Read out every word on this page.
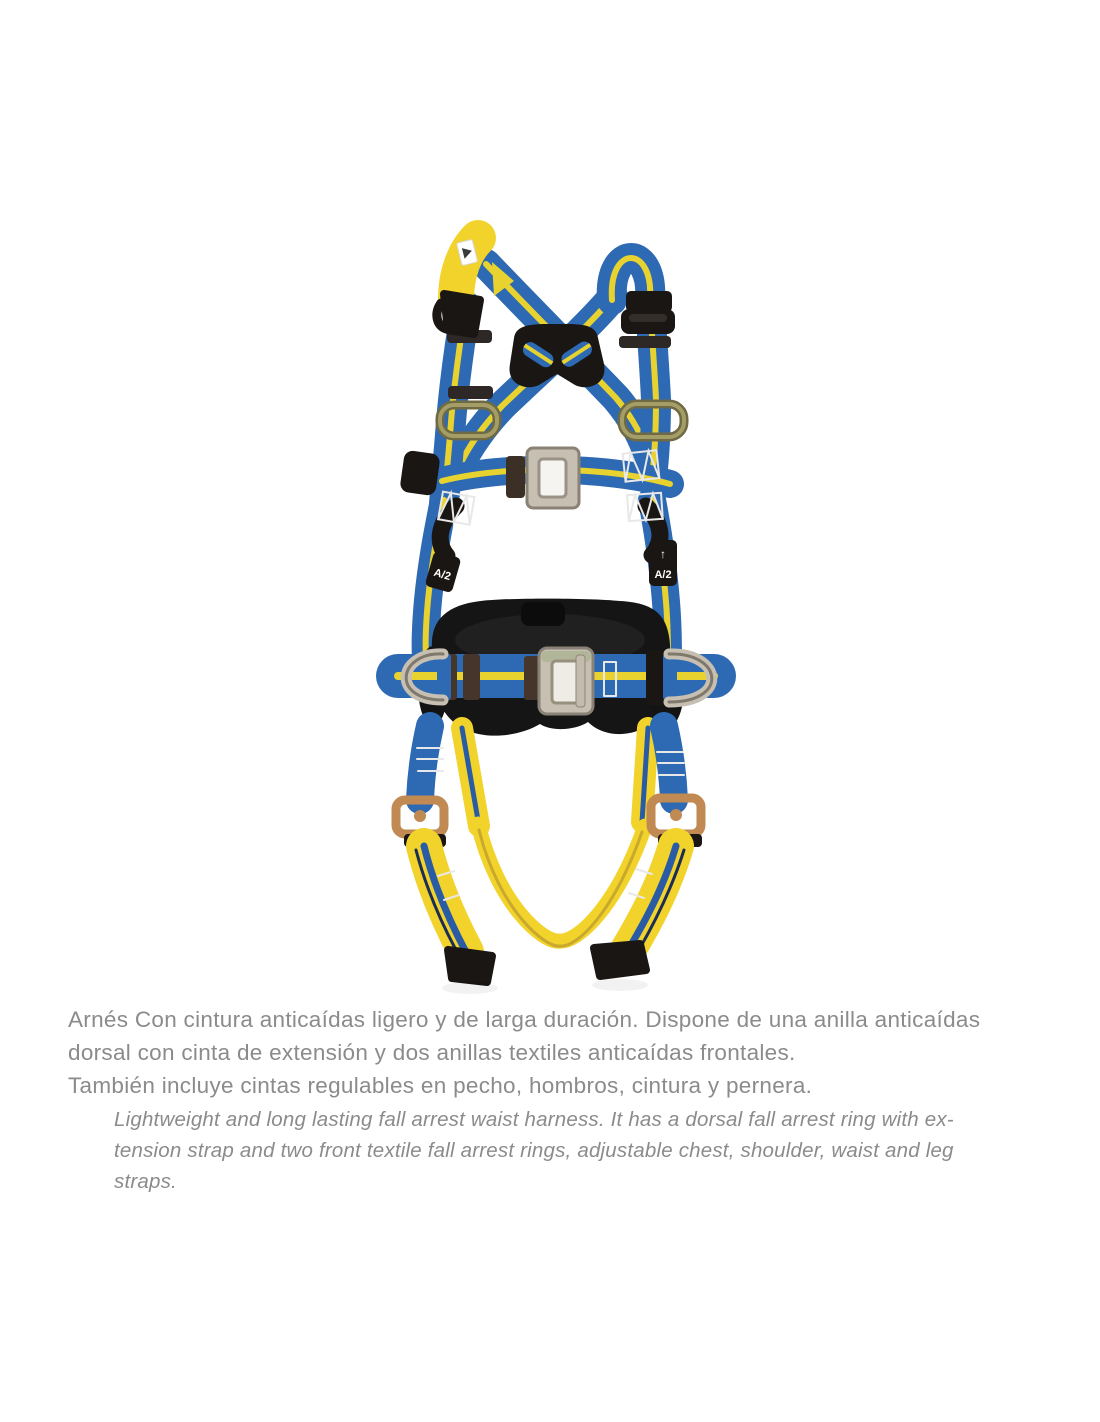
A/2
↑
A/2
Arnés Con cintura anticaídas ligero y de larga duración. Dispone de una anilla anticaídas
dorsal con cinta de extensión y dos anillas textiles anticaídas frontales.
También incluye cintas regulables en pecho, hombros, cintura y pernera.
Lightweight and long lasting fall arrest waist harness. It has a dorsal fall arrest ring with ex-
tension strap and two front textile fall arrest rings, adjustable chest, shoulder, waist and leg
straps.
